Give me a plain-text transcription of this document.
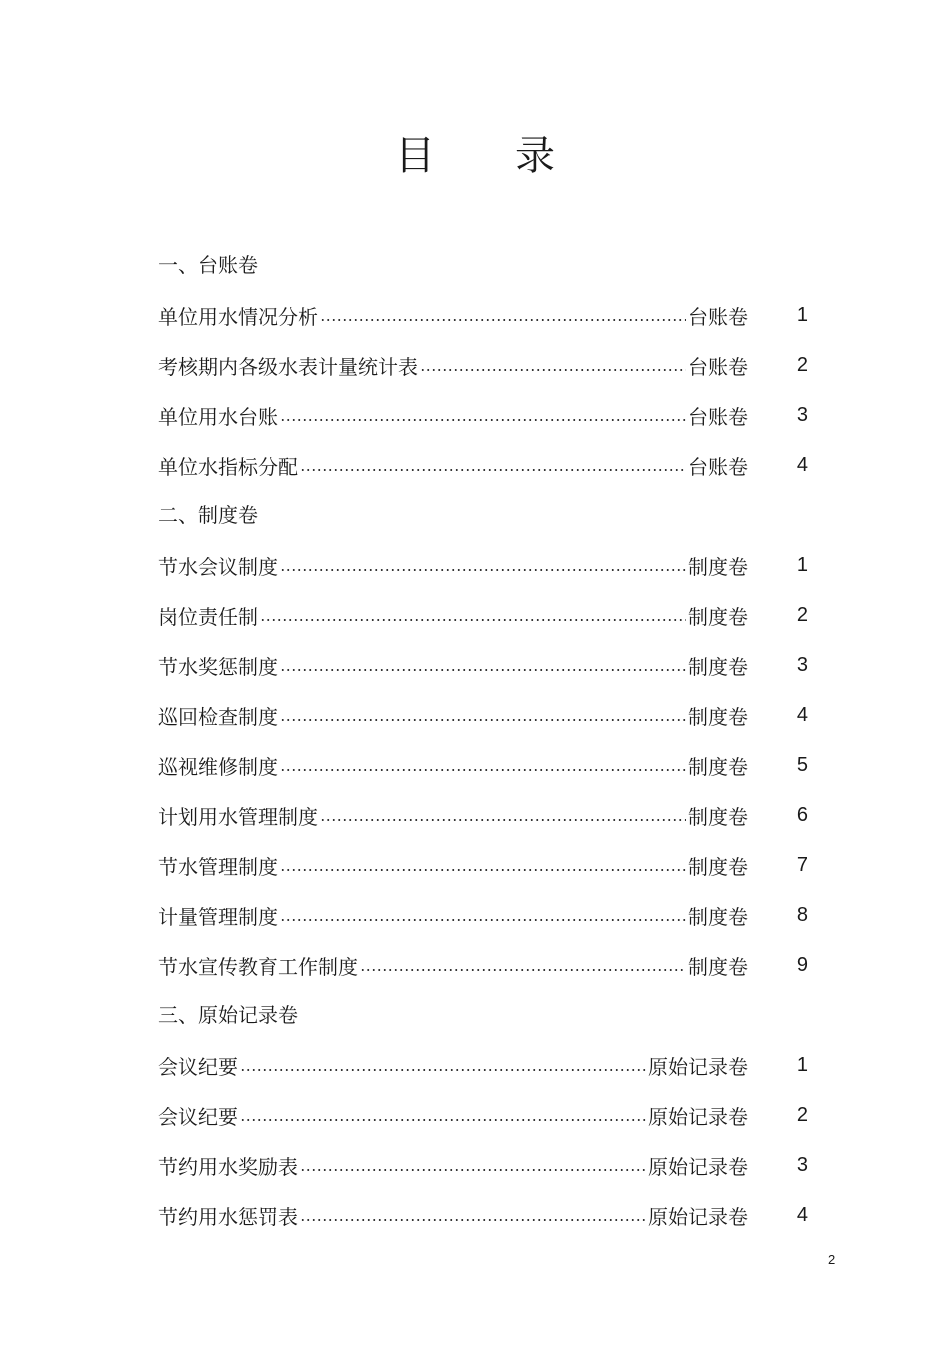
目录
一、台账卷
单位用水情况分析	台账卷	1
考核期内各级水表计量统计表	台账卷	2
单位用水台账	台账卷	3
单位水指标分配	台账卷	4
二、制度卷
节水会议制度	制度卷	1
岗位责任制	制度卷	2
节水奖惩制度	制度卷	3
巡回检查制度	制度卷	4
巡视维修制度	制度卷	5
计划用水管理制度	制度卷	6
节水管理制度	制度卷	7
计量管理制度	制度卷	8
节水宣传教育工作制度	制度卷	9
三、原始记录卷
会议纪要	原始记录卷	1
会议纪要	原始记录卷	2
节约用水奖励表	原始记录卷	3
节约用水惩罚表	原始记录卷	4
2
